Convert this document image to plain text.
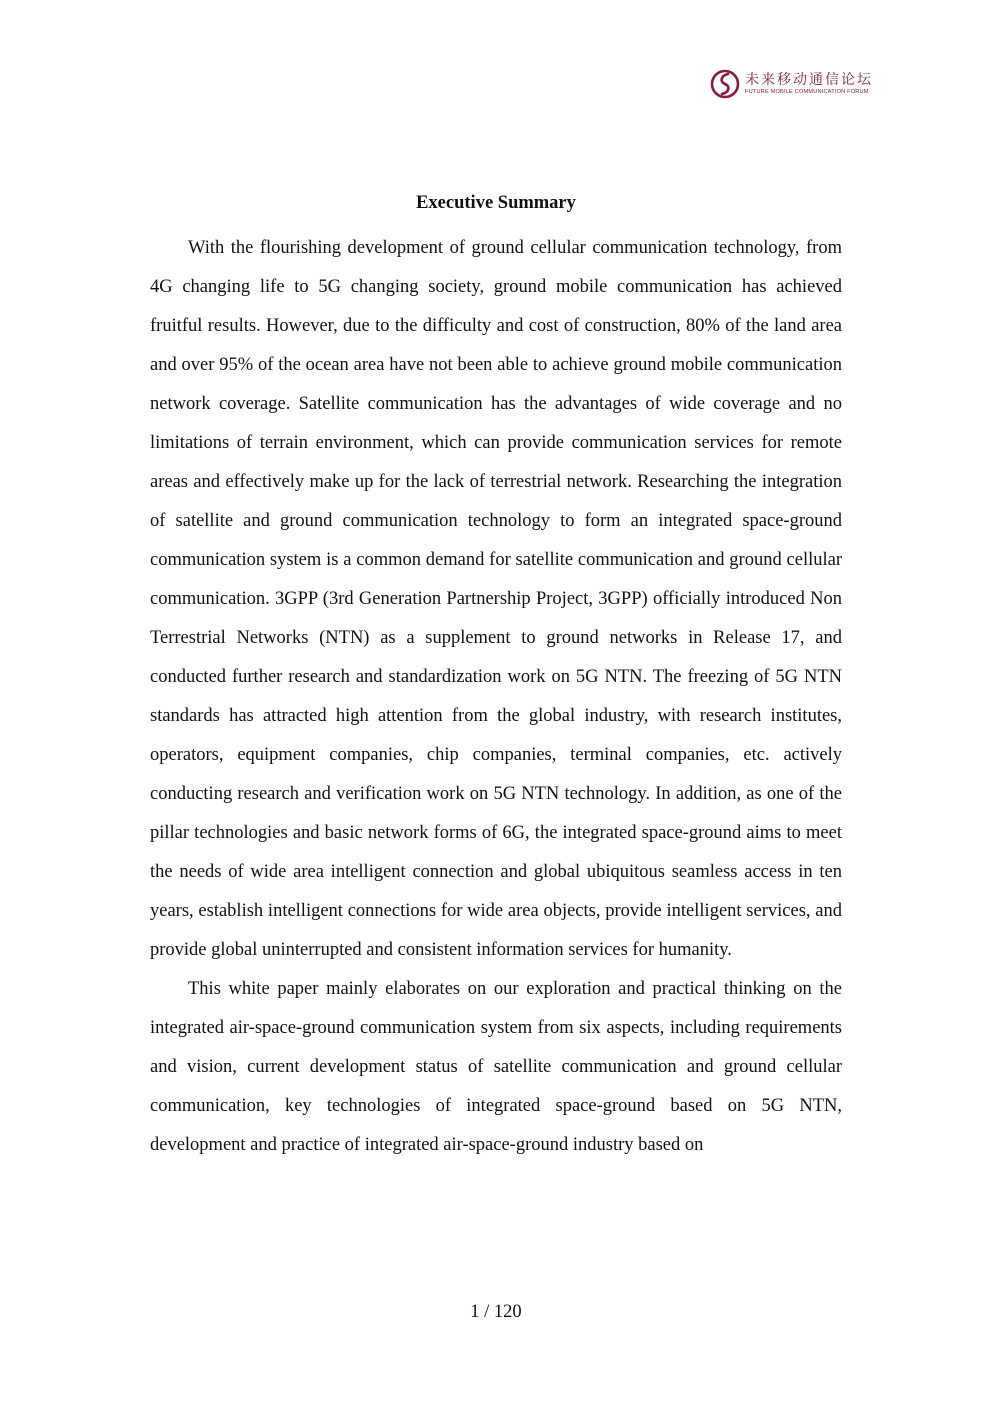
未来移动通信论坛
FUTURE MOBILE COMMUNICATION FORUM
Executive Summary

With the flourishing development of ground cellular communication technology, from 4G changing life to 5G changing society, ground mobile communication has achieved fruitful results. However, due to the difficulty and cost of construction, 80% of the land area and over 95% of the ocean area have not been able to achieve ground mobile communication network coverage. Satellite communication has the advantages of wide coverage and no limitations of terrain environment, which can provide communication services for remote areas and effectively make up for the lack of terrestrial network. Researching the integration of satellite and ground communication technology to form an integrated space-ground communication system is a common demand for satellite communication and ground cellular communication. 3GPP (3rd Generation Partnership Project, 3GPP) officially introduced Non Terrestrial Networks (NTN) as a supplement to ground networks in Release 17, and conducted further research and standardization work on 5G NTN. The freezing of 5G NTN standards has attracted high attention from the global industry, with research institutes, operators, equipment companies, chip companies, terminal companies, etc. actively conducting research and verification work on 5G NTN technology. In addition, as one of the pillar technologies and basic network forms of 6G, the integrated space-ground aims to meet the needs of wide area intelligent connection and global ubiquitous seamless access in ten years, establish intelligent connections for wide area objects, provide intelligent services, and provide global uninterrupted and consistent information services for humanity.

This white paper mainly elaborates on our exploration and practical thinking on the integrated air-space-ground communication system from six aspects, including requirements and vision, current development status of satellite communication and ground cellular communication, key technologies of integrated space-ground based on 5G NTN, development and practice of integrated air-space-ground industry based on

1 / 120
